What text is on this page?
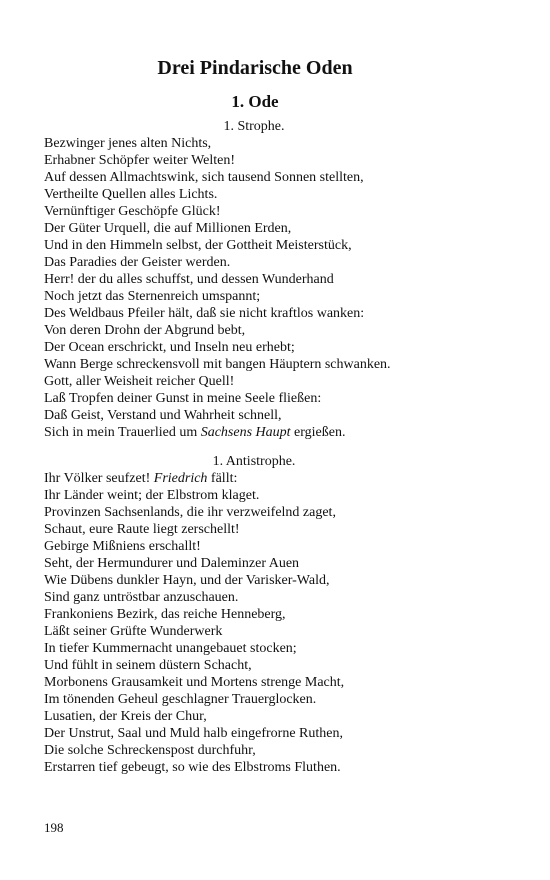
Drei Pindarische Oden
1. Ode
1. Strophe.
Bezwinger jenes alten Nichts,
Erhabner Schöpfer weiter Welten!
Auf dessen Allmachtswink, sich tausend Sonnen stellten,
Vertheilte Quellen alles Lichts.
Vernünftiger Geschöpfe Glück!
Der Güter Urquell, die auf Millionen Erden,
Und in den Himmeln selbst, der Gottheit Meisterstück,
Das Paradies der Geister werden.
Herr! der du alles schuffst, und dessen Wunderhand
Noch jetzt das Sternenreich umspannt;
Des Weldbaus Pfeiler hält, daß sie nicht kraftlos wanken:
Von deren Drohn der Abgrund bebt,
Der Ocean erschrickt, und Inseln neu erhebt;
Wann Berge schreckensvoll mit bangen Häuptern schwanken.
Gott, aller Weisheit reicher Quell!
Laß Tropfen deiner Gunst in meine Seele fließen:
Daß Geist, Verstand und Wahrheit schnell,
Sich in mein Trauerlied um Sachsens Haupt ergießen.
1. Antistrophe.
Ihr Völker seufzet! Friedrich fällt:
Ihr Länder weint; der Elbstrom klaget.
Provinzen Sachsenlands, die ihr verzweifelnd zaget,
Schaut, eure Raute liegt zerschellt!
Gebirge Mißniens erschallt!
Seht, der Hermundurer und Daleminzer Auen
Wie Dübens dunkler Hayn, und der Varisker-Wald,
Sind ganz untröstbar anzuschauen.
Frankoniens Bezirk, das reiche Henneberg,
Läßt seiner Grüfte Wunderwerk
In tiefer Kummernacht unangebauet stocken;
Und fühlt in seinem düstern Schacht,
Morbonens Grausamkeit und Mortens strenge Macht,
Im tönenden Geheul geschlagner Trauerglocken.
Lusatien, der Kreis der Chur,
Der Unstrut, Saal und Muld halb eingefrorne Ruthen,
Die solche Schreckenspost durchfuhr,
Erstarren tief gebeugt, so wie des Elbstroms Fluthen.
198
